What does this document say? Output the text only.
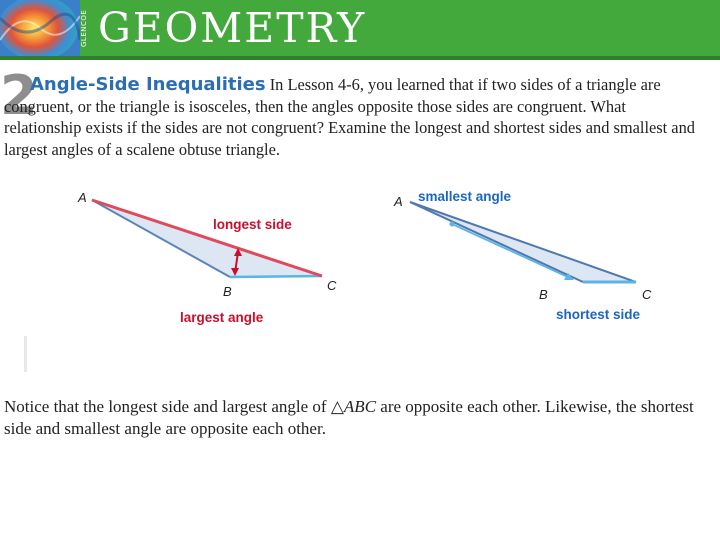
GLENCOE GEOMETRY
2

Angle-Side Inequalities In Lesson 4-6, you learned that if two sides of a triangle are congruent, or the triangle is isosceles, then the angles opposite those sides are congruent. What relationship exists if the sides are not congruent? Examine the longest and shortest sides and smallest and largest angles of a scalene obtuse triangle.

A
B	C
longest side
largest angle
A
B	C
smallest angle
shortest side

Notice that the longest side and largest angle of △ABC are opposite each other. Likewise, the shortest side and smallest angle are opposite each other.
